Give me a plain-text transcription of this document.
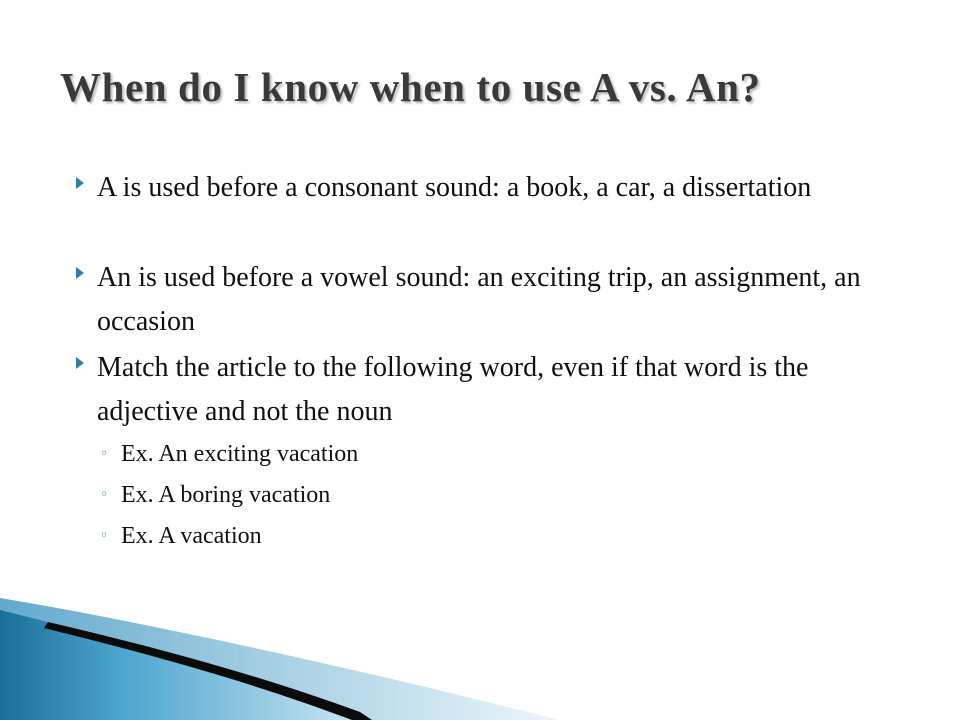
When do I know when to use A vs. An?
A is used before a consonant sound: a book, a car, a dissertation
An is used before a vowel sound: an exciting trip, an assignment, an occasion
Match the article to the following word, even if that word is the adjective and not the noun
◦ Ex. An exciting vacation
◦ Ex. A boring vacation
◦ Ex. A vacation
